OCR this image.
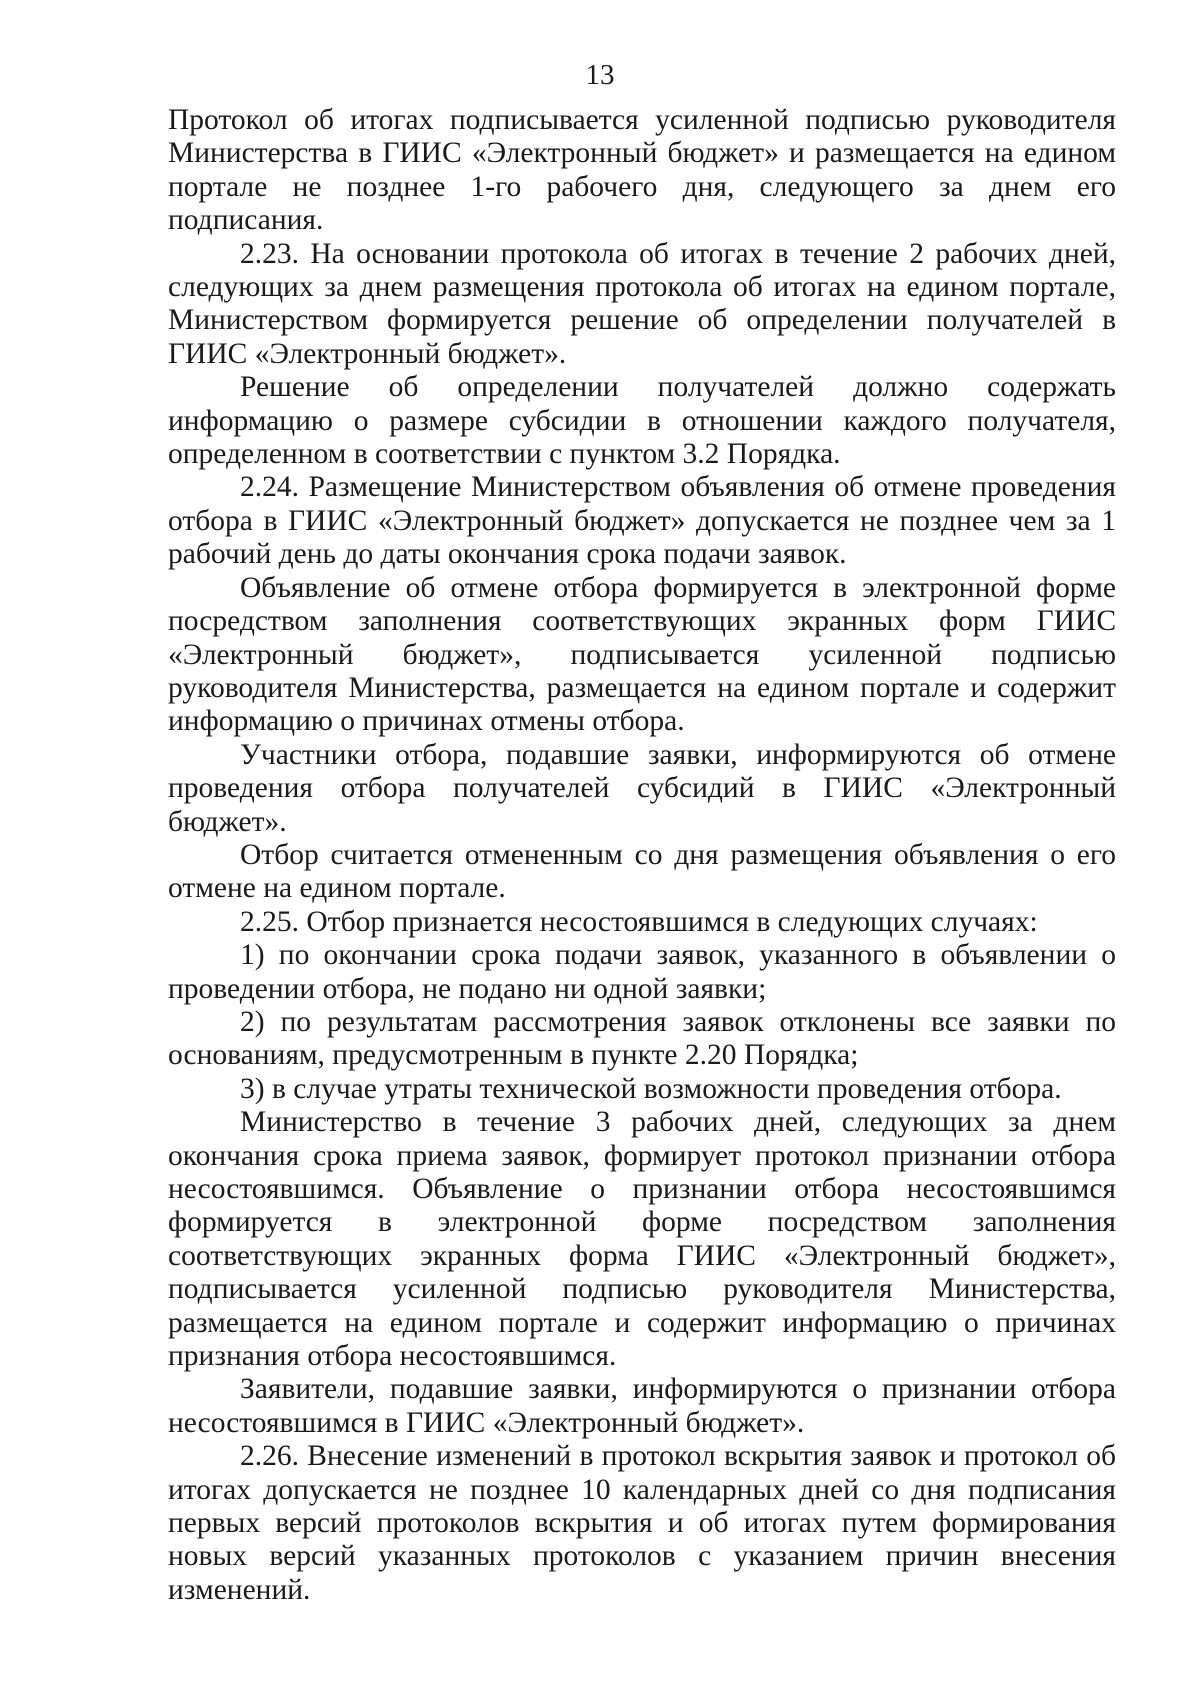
13

Протокол об итогах подписывается усиленной подписью руководителя Министерства в ГИИС «Электронный бюджет» и размещается на едином портале не позднее 1-го рабочего дня, следующего за днем его подписания.

2.23. На основании протокола об итогах в течение 2 рабочих дней, следующих за днем размещения протокола об итогах на едином портале, Министерством формируется решение об определении получателей в ГИИС «Электронный бюджет».

Решение об определении получателей должно содержать информацию о размере субсидии в отношении каждого получателя, определенном в соответствии с пунктом 3.2 Порядка.

2.24. Размещение Министерством объявления об отмене проведения отбора в ГИИС «Электронный бюджет» допускается не позднее чем за 1 рабочий день до даты окончания срока подачи заявок.

Объявление об отмене отбора формируется в электронной форме посредством заполнения соответствующих экранных форм ГИИС «Электронный бюджет», подписывается усиленной подписью руководителя Министерства, размещается на едином портале и содержит информацию о причинах отмены отбора.

Участники отбора, подавшие заявки, информируются об отмене проведения отбора получателей субсидий в ГИИС «Электронный бюджет».

Отбор считается отмененным со дня размещения объявления о его отмене на едином портале.

2.25. Отбор признается несостоявшимся в следующих случаях:

1) по окончании срока подачи заявок, указанного в объявлении о проведении отбора, не подано ни одной заявки;

2) по результатам рассмотрения заявок отклонены все заявки по основаниям, предусмотренным в пункте 2.20 Порядка;

3) в случае утраты технической возможности проведения отбора.

Министерство в течение 3 рабочих дней, следующих за днем окончания срока приема заявок, формирует протокол признании отбора несостоявшимся. Объявление о признании отбора несостоявшимся формируется в электронной форме посредством заполнения соответствующих экранных форма ГИИС «Электронный бюджет», подписывается усиленной подписью руководителя Министерства, размещается на едином портале и содержит информацию о причинах признания отбора несостоявшимся.

Заявители, подавшие заявки, информируются о признании отбора несостоявшимся в ГИИС «Электронный бюджет».

2.26. Внесение изменений в протокол вскрытия заявок и протокол об итогах допускается не позднее 10 календарных дней со дня подписания первых версий протоколов вскрытия и об итогах путем формирования новых версий указанных протоколов с указанием причин внесения изменений.
